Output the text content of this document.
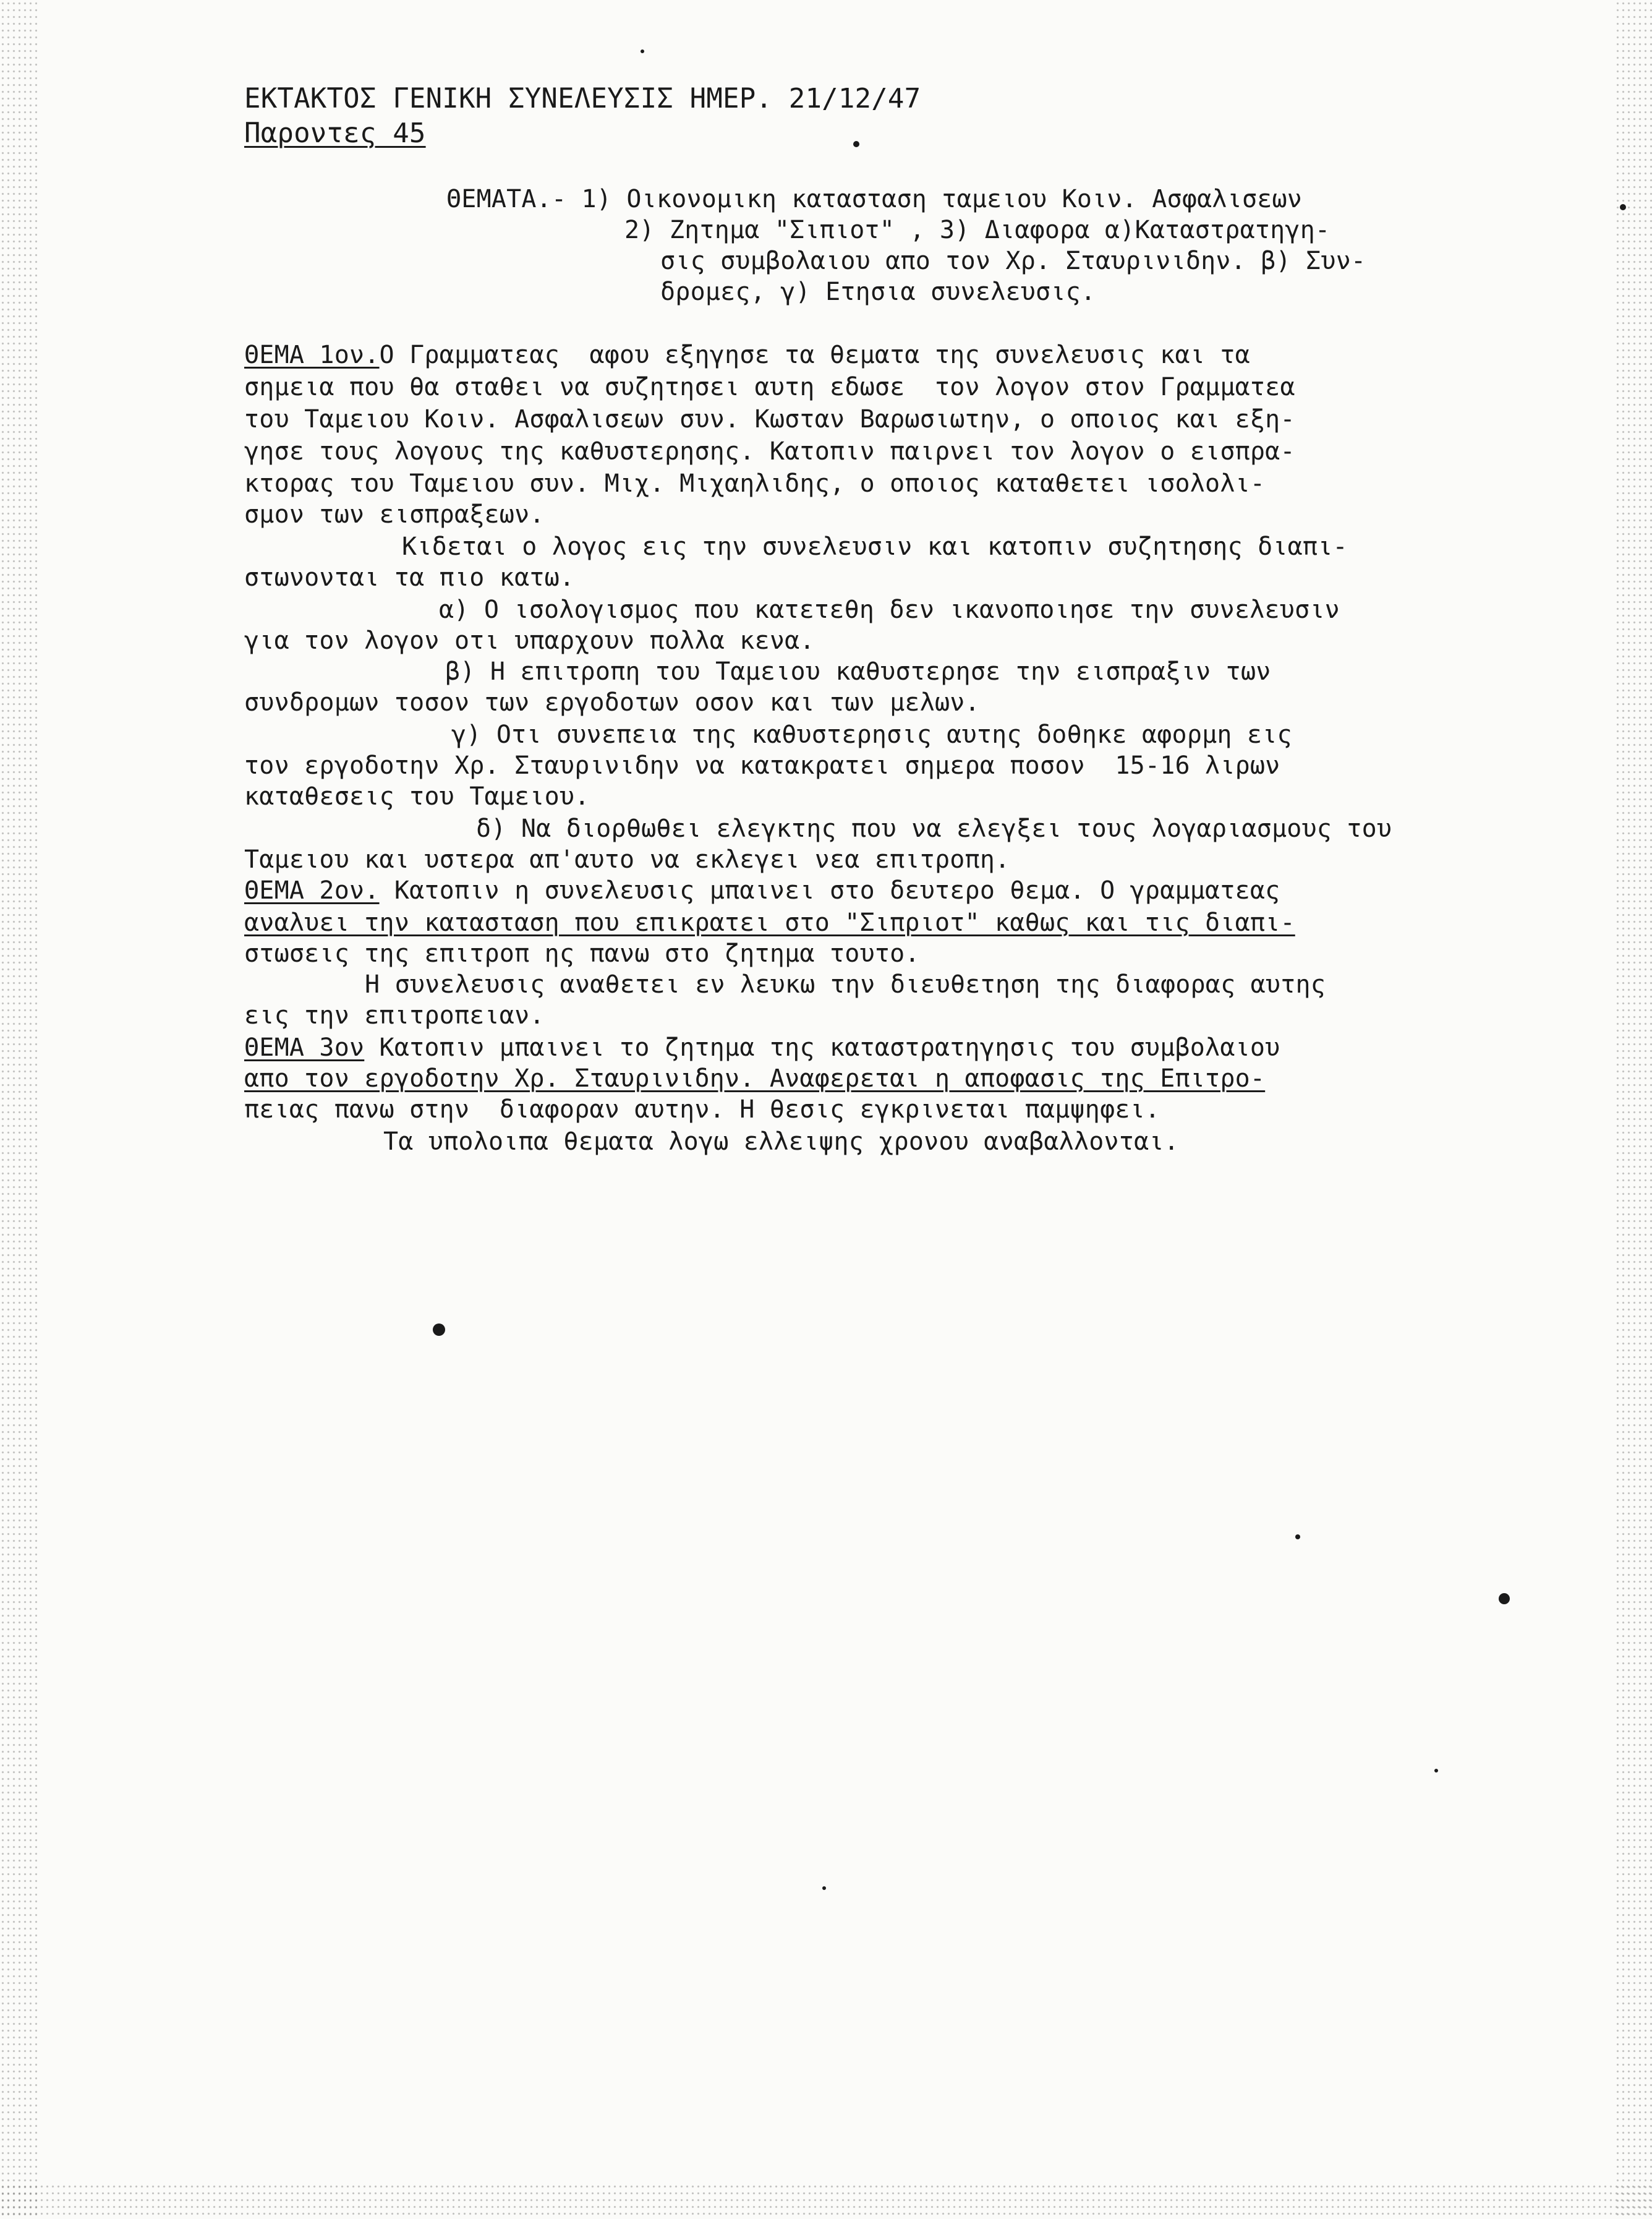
ΕΚΤΑΚΤΟΣ ΓΕΝΙΚΗ ΣΥΝΕΛΕΥΣΙΣ ΗΜΕΡ. 21/12/47

Παροντες 45

ΘΕΜΑΤΑ.- 1) Οικονομικη κατασταση ταμειου Κοιν. Ασφαλισεων

2) Ζητημα "Σιπιοτ" , 3) Διαφορα α)Καταστρατηγη-

σις συμβολαιου απο τον Χρ. Σταυρινιδην. β) Συν-

δρομες, γ) Ετησια συνελευσις.

ΘΕΜΑ 1ον.Ο Γραμματεας  αφου εξηγησε τα θεματα της συνελευσις και τα

σημεια που θα σταθει να συζητησει αυτη εδωσε  τον λογον στον Γραμματεα

του Ταμειου Κοιν. Ασφαλισεων συν. Κωσταν Βαρωσιωτην, ο οποιος και εξη-

γησε τους λογους της καθυστερησης. Κατοπιν παιρνει τον λογον ο εισπρα-

κτορας του Ταμειου συν. Μιχ. Μιχαηλιδης, ο οποιος καταθετει ισολολι-

σμον των εισπραξεων.

Κιδεται ο λογος εις την συνελευσιν και κατοπιν συζητησης διαπι-

στωνονται τα πιο κατω.

α) Ο ισολογισμος που κατετεθη δεν ικανοποιησε την συνελευσιν

για τον λογον οτι υπαρχουν πολλα κενα.

β) Η επιτροπη του Ταμειου καθυστερησε την εισπραξιν των

συνδρομων τοσον των εργοδοτων οσον και των μελων.

γ) Οτι συνεπεια της καθυστερησις αυτης δοθηκε αφορμη εις

τον εργοδοτην Χρ. Σταυρινιδην να κατακρατει σημερα ποσον  15-16 λιρων

καταθεσεις του Ταμειου.

δ) Να διορθωθει ελεγκτης που να ελεγξει τους λογαριασμους του

Ταμειου και υστερα απ'αυτο να εκλεγει νεα επιτροπη.

ΘΕΜΑ 2ον. Κατοπιν η συνελευσις μπαινει στο δευτερο θεμα. Ο γραμματεας

αναλυει την κατασταση που επικρατει στο "Σιπριοτ" καθως και τις διαπι-

στωσεις της επιτροπ ης πανω στο ζητημα τουτο.

Η συνελευσις αναθετει εν λευκω την διευθετηση της διαφορας αυτης

εις την επιτροπειαν.

ΘΕΜΑ 3ον Κατοπιν μπαινει το ζητημα της καταστρατηγησις του συμβολαιου

απο τον εργοδοτην Χρ. Σταυρινιδην. Αναφερεται η αποφασις της Επιτρο-

πειας πανω στην  διαφοραν αυτην. Η θεσις εγκρινεται παμψηφει.

Τα υπολοιπα θεματα λογω ελλειψης χρονου αναβαλλονται.
